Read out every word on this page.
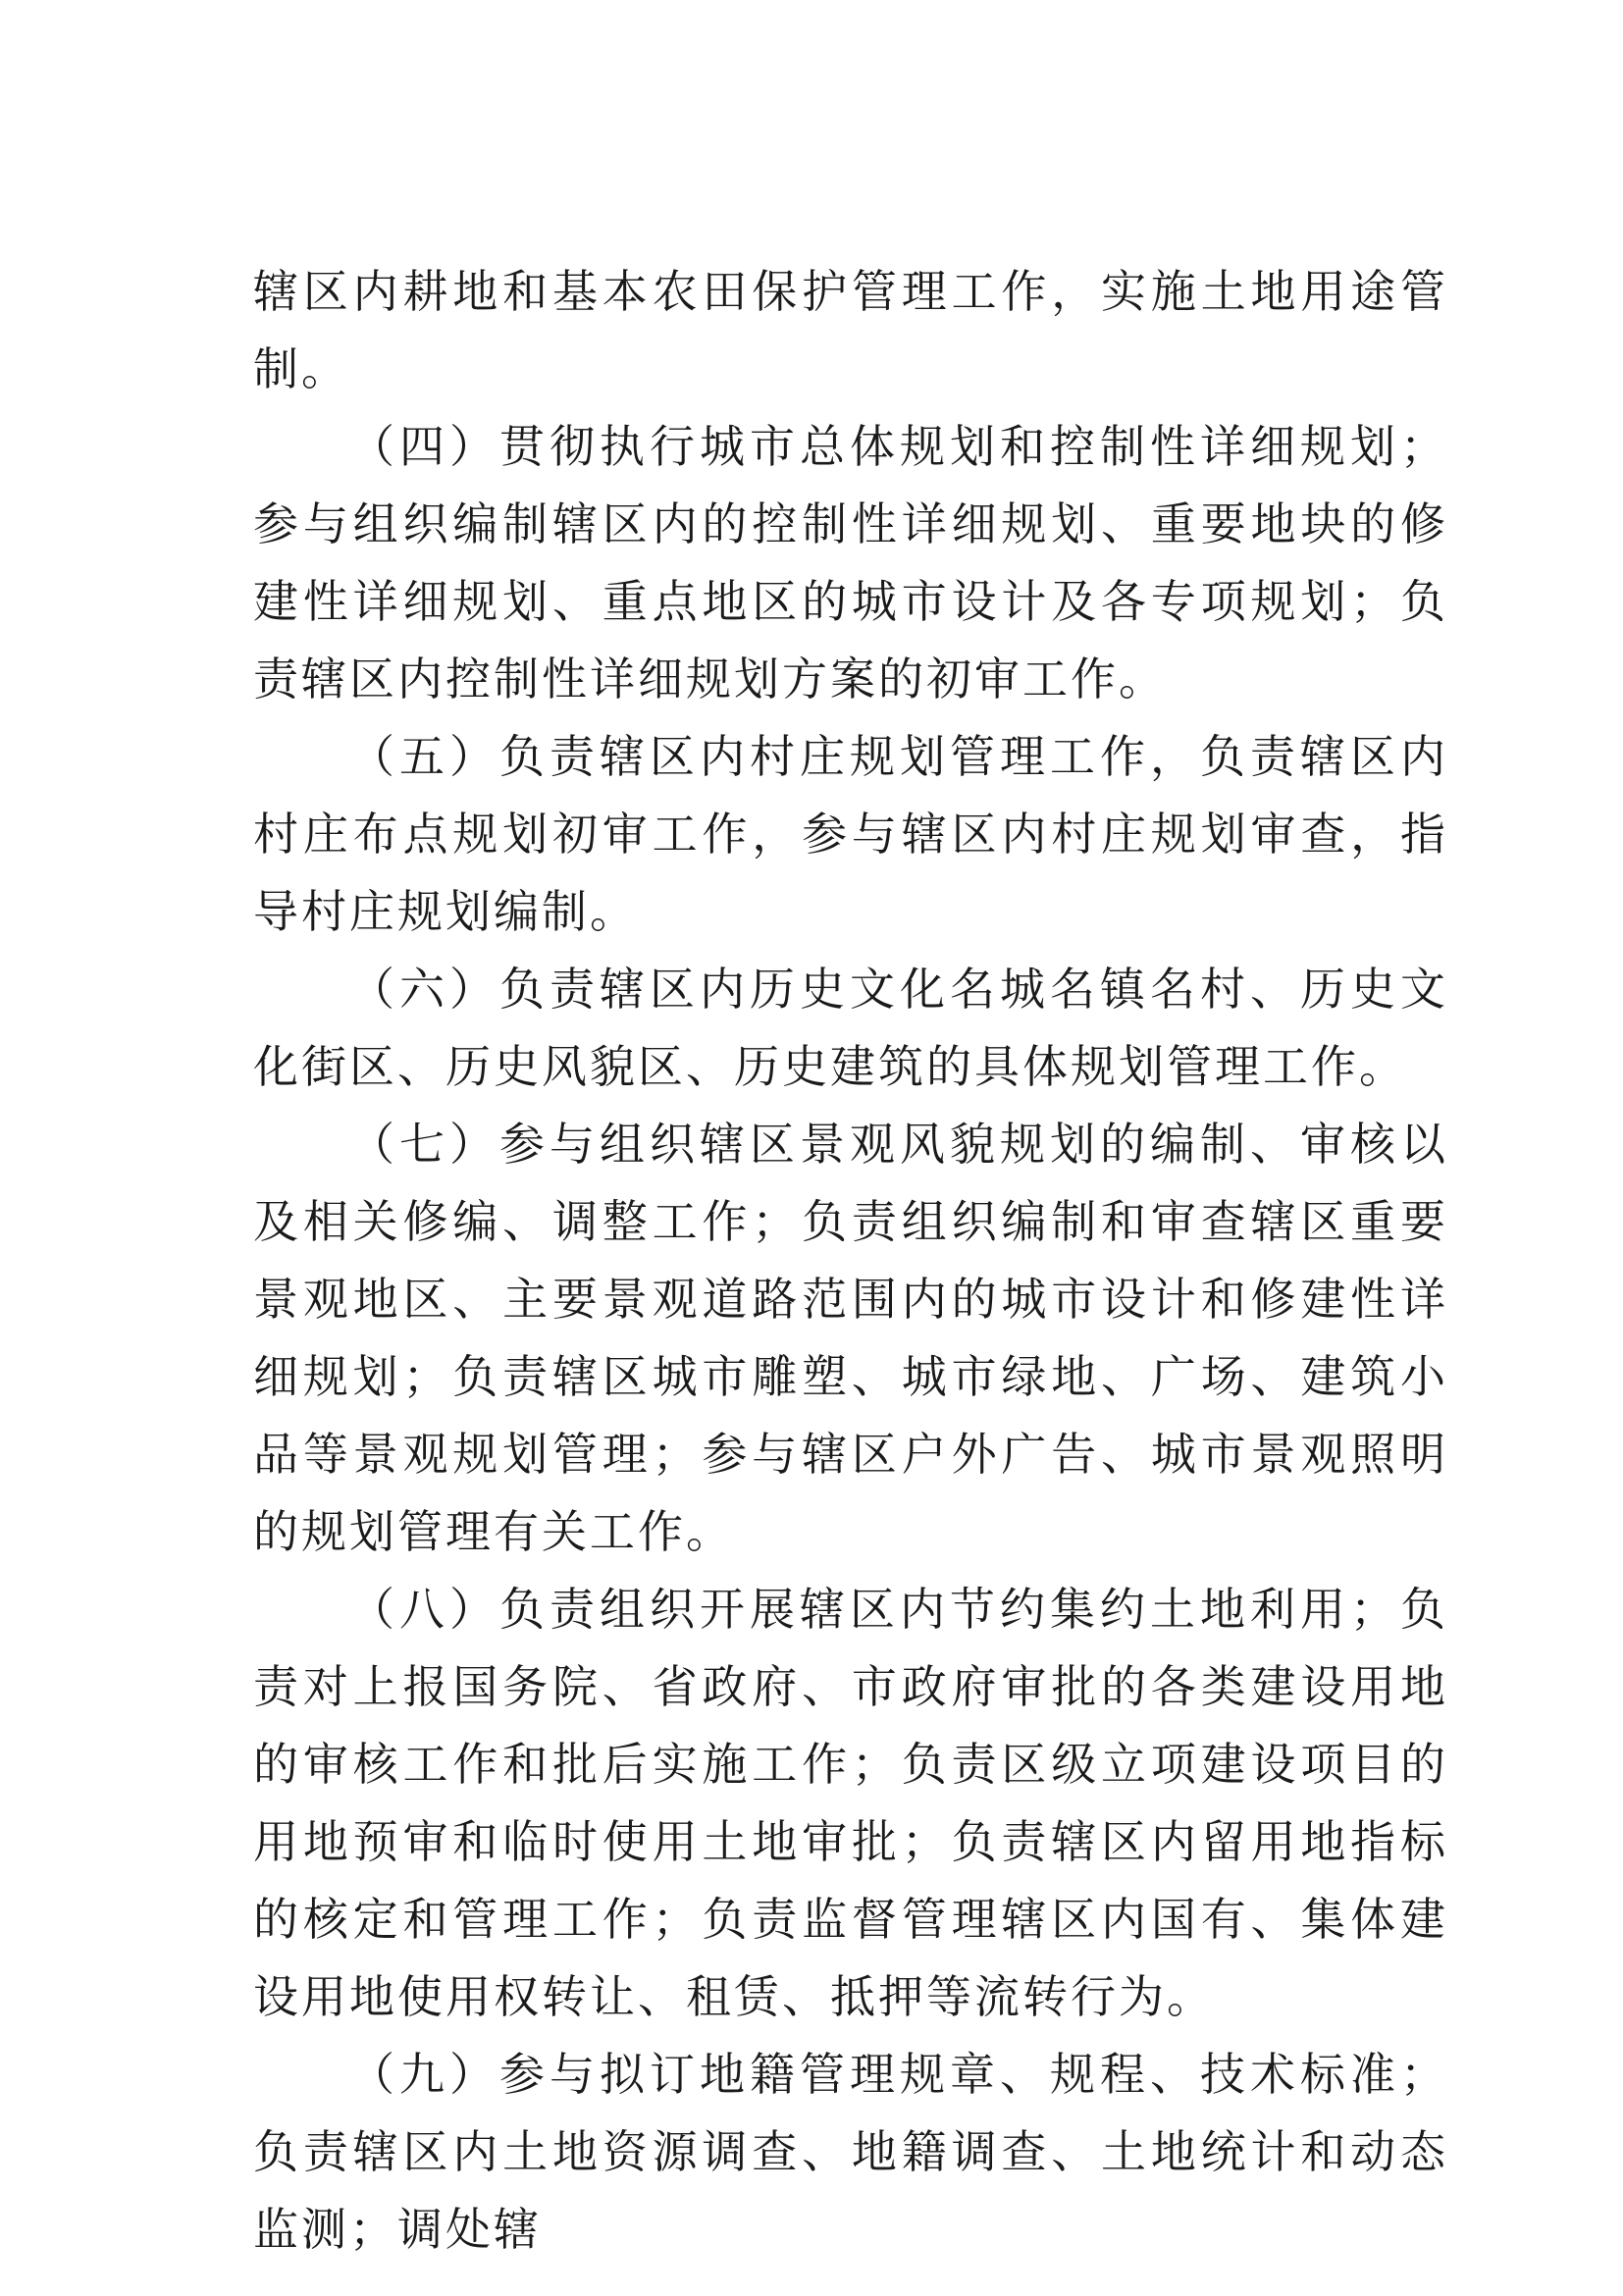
辖区内耕地和基本农田保护管理工作，实施土地用途管制。

（四）贯彻执行城市总体规划和控制性详细规划；参与组织编制辖区内的控制性详细规划、重要地块的修建性详细规划、重点地区的城市设计及各专项规划；负责辖区内控制性详细规划方案的初审工作。

（五）负责辖区内村庄规划管理工作，负责辖区内村庄布点规划初审工作，参与辖区内村庄规划审查，指导村庄规划编制。

（六）负责辖区内历史文化名城名镇名村、历史文化街区、历史风貌区、历史建筑的具体规划管理工作。

（七）参与组织辖区景观风貌规划的编制、审核以及相关修编、调整工作；负责组织编制和审查辖区重要景观地区、主要景观道路范围内的城市设计和修建性详细规划；负责辖区城市雕塑、城市绿地、广场、建筑小品等景观规划管理；参与辖区户外广告、城市景观照明的规划管理有关工作。

（八）负责组织开展辖区内节约集约土地利用；负责对上报国务院、省政府、市政府审批的各类建设用地的审核工作和批后实施工作；负责区级立项建设项目的用地预审和临时使用土地审批；负责辖区内留用地指标的核定和管理工作；负责监督管理辖区内国有、集体建设用地使用权转让、租赁、抵押等流转行为。

（九）参与拟订地籍管理规章、规程、技术标准；负责辖区内土地资源调查、地籍调查、土地统计和动态监测；调处辖
